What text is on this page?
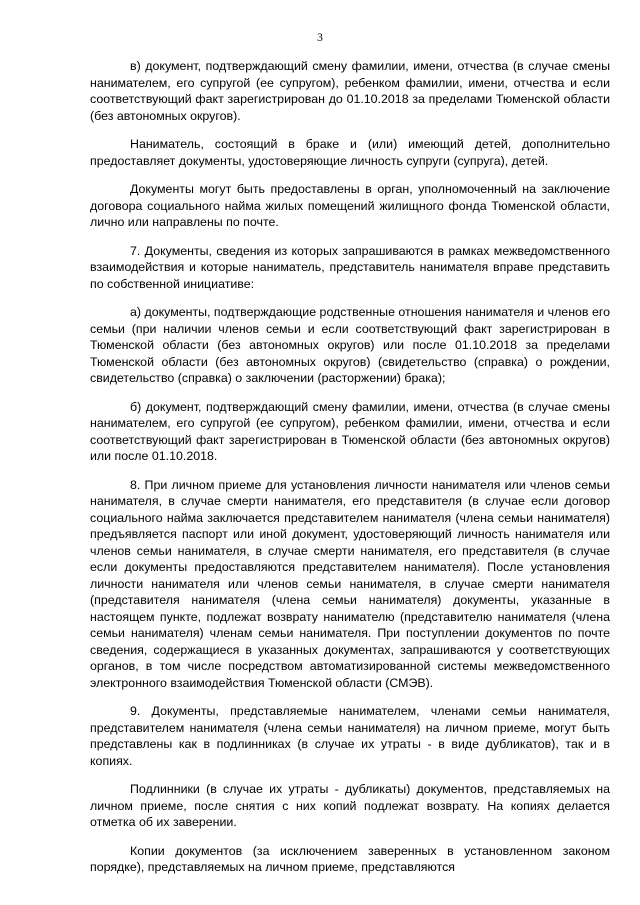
3

в) документ, подтверждающий смену фамилии, имени, отчества (в случае смены нанимателем, его супругой (ее супругом), ребенком фамилии, имени, отчества и если соответствующий факт зарегистрирован до 01.10.2018 за пределами Тюменской области (без автономных округов).

Наниматель, состоящий в браке и (или) имеющий детей, дополнительно предоставляет документы, удостоверяющие личность супруги (супруга), детей.

Документы могут быть предоставлены в орган, уполномоченный на заключение договора социального найма жилых помещений жилищного фонда Тюменской области, лично или направлены по почте.

7. Документы, сведения из которых запрашиваются в рамках межведомственного взаимодействия и которые наниматель, представитель нанимателя вправе представить по собственной инициативе:

а) документы, подтверждающие родственные отношения нанимателя и членов его семьи (при наличии членов семьи и если соответствующий факт зарегистрирован в Тюменской области (без автономных округов) или после 01.10.2018 за пределами Тюменской области (без автономных округов) (свидетельство (справка) о рождении, свидетельство (справка) о заключении (расторжении) брака);

б) документ, подтверждающий смену фамилии, имени, отчества (в случае смены нанимателем, его супругой (ее супругом), ребенком фамилии, имени, отчества и если соответствующий факт зарегистрирован в Тюменской области (без автономных округов) или после 01.10.2018.

8. При личном приеме для установления личности нанимателя или членов семьи нанимателя, в случае смерти нанимателя, его представителя (в случае если договор социального найма заключается представителем нанимателя (члена семьи нанимателя) предъявляется паспорт или иной документ, удостоверяющий личность нанимателя или членов семьи нанимателя, в случае смерти нанимателя, его представителя (в случае если документы предоставляются представителем нанимателя). После установления личности нанимателя или членов семьи нанимателя, в случае смерти нанимателя (представителя нанимателя (члена семьи нанимателя) документы, указанные в настоящем пункте, подлежат возврату нанимателю (представителю нанимателя (члена семьи нанимателя) членам семьи нанимателя. При поступлении документов по почте сведения, содержащиеся в указанных документах, запрашиваются у соответствующих органов, в том числе посредством автоматизированной системы межведомственного электронного взаимодействия Тюменской области (СМЭВ).

9. Документы, представляемые нанимателем, членами семьи нанимателя, представителем нанимателя (члена семьи нанимателя) на личном приеме, могут быть представлены как в подлинниках (в случае их утраты - в виде дубликатов), так и в копиях.

Подлинники (в случае их утраты - дубликаты) документов, представляемых на личном приеме, после снятия с них копий подлежат возврату. На копиях делается отметка об их заверении.

Копии документов (за исключением заверенных в установленном законом порядке), представляемых на личном приеме, представляются
